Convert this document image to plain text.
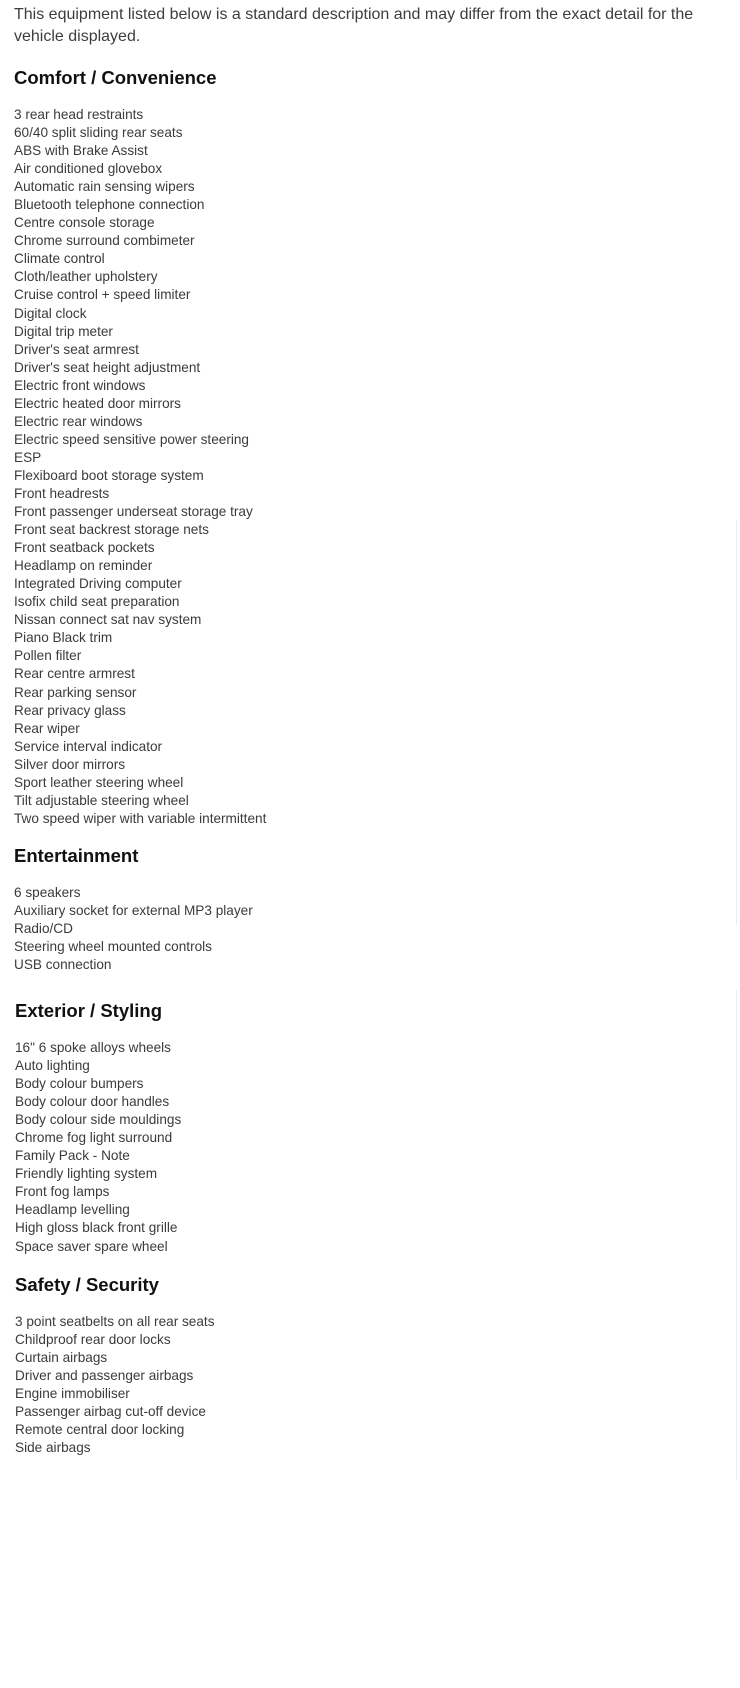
This equipment listed below is a standard description and may differ from the exact detail for the vehicle displayed.

Comfort / Convenience
3 rear head restraints
60/40 split sliding rear seats
ABS with Brake Assist
Air conditioned glovebox
Automatic rain sensing wipers
Bluetooth telephone connection
Centre console storage
Chrome surround combimeter
Climate control
Cloth/leather upholstery
Cruise control + speed limiter
Digital clock
Digital trip meter
Driver's seat armrest
Driver's seat height adjustment
Electric front windows
Electric heated door mirrors
Electric rear windows
Electric speed sensitive power steering
ESP
Flexiboard boot storage system
Front headrests
Front passenger underseat storage tray
Front seat backrest storage nets
Front seatback pockets
Headlamp on reminder
Integrated Driving computer
Isofix child seat preparation
Nissan connect sat nav system
Piano Black trim
Pollen filter
Rear centre armrest
Rear parking sensor
Rear privacy glass
Rear wiper
Service interval indicator
Silver door mirrors
Sport leather steering wheel
Tilt adjustable steering wheel
Two speed wiper with variable intermittent
Entertainment
6 speakers
Auxiliary socket for external MP3 player
Radio/CD
Steering wheel mounted controls
USB connection
Exterior / Styling
16" 6 spoke alloys wheels
Auto lighting
Body colour bumpers
Body colour door handles
Body colour side mouldings
Chrome fog light surround
Family Pack - Note
Friendly lighting system
Front fog lamps
Headlamp levelling
High gloss black front grille
Space saver spare wheel
Safety / Security
3 point seatbelts on all rear seats
Childproof rear door locks
Curtain airbags
Driver and passenger airbags
Engine immobiliser
Passenger airbag cut-off device
Remote central door locking
Side airbags
